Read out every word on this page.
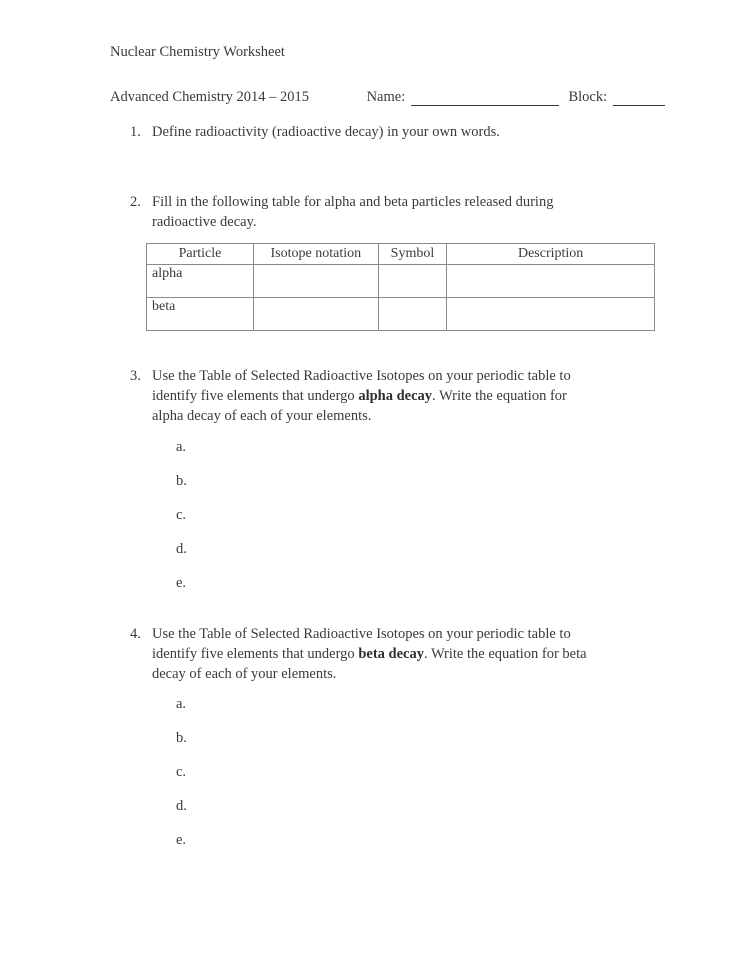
Nuclear Chemistry Worksheet
Advanced Chemistry 2014 – 2015	Name:	Block:
1. Define radioactivity (radioactive decay) in your own words.
2. Fill in the following table for alpha and beta particles released during
radioactive decay.
Particle	Isotope notation	Symbol	Description

alpha			

beta			

3. Use the Table of Selected Radioactive Isotopes on your periodic table to
identify five elements that undergo alpha decay. Write the equation for
alpha decay of each of your elements.
a.
b.
c.
d.
e.
4. Use the Table of Selected Radioactive Isotopes on your periodic table to
identify five elements that undergo beta decay. Write the equation for beta
decay of each of your elements.
a.
b.
c.
d.
e.
